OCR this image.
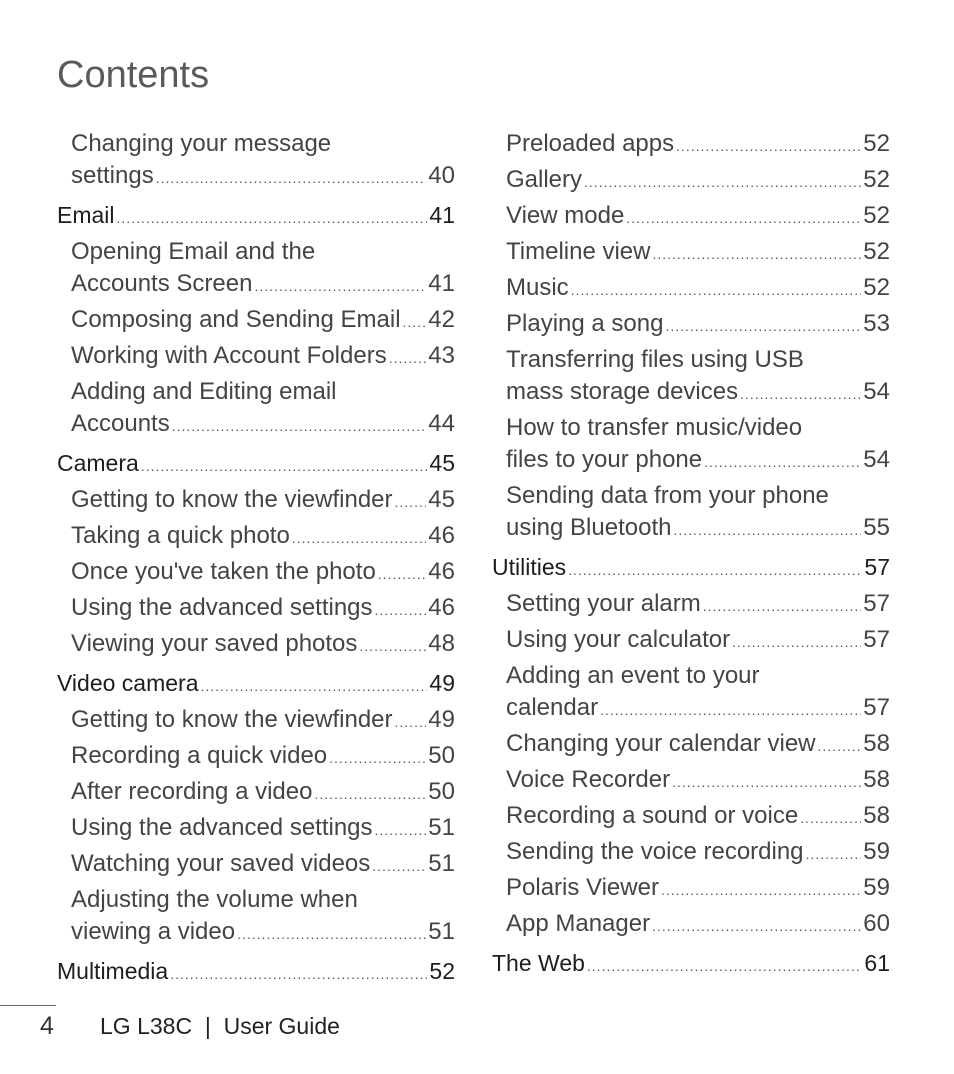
Contents
Changing your message
settings .....	40
Email .....	41
Opening Email and the
Accounts Screen .....	41
Composing and Sending Email ..... 42
Working with Account Folders ..... 43
Adding and Editing email
Accounts .....	44
Camera .....	45
Getting to know the viewfinder ..... 45
Taking a quick photo .....	46
Once you've taken the photo ..... 46
Using the advanced settings ..... 46
Viewing your saved photos .....	48
Video camera .....	49
Getting to know the viewfinder ..... 49
Recording a quick video .....	50
After recording a video .....	50
Using the advanced settings ..... 51
Watching your saved videos ..... 51
Adjusting the volume when
viewing a video .....	51
Multimedia .....	52
Preloaded apps .....	52
Gallery .....	52
View mode .....	52
Timeline view .....	52
Music .....	52
Playing a song .....	53
Transferring files using USB
mass storage devices .....	54
How to transfer music/video
files to your phone .....	54
Sending data from your phone
using Bluetooth .....	55
Utilities .....	57
Setting your alarm .....	57
Using your calculator .....	57
Adding an event to your
calendar .....	57
Changing your calendar view ..... 58
Voice Recorder .....	58
Recording a sound or voice .....	58
Sending the voice recording ..... 59
Polaris Viewer .....	59
App Manager .....	60
The Web .....	61
4 LG L38C  |  User Guide
